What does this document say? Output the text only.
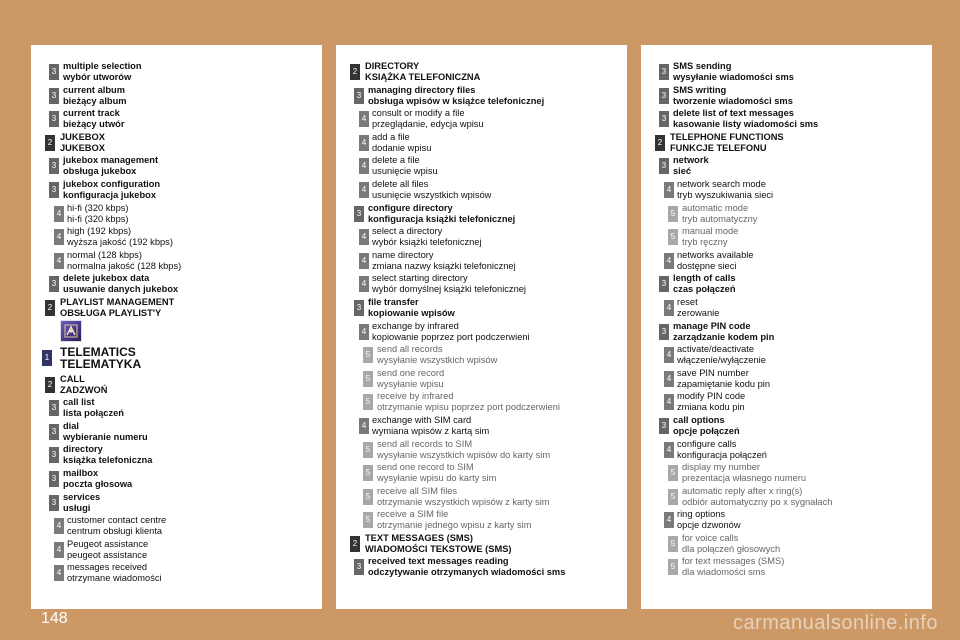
3
multiple selection
wybór utworów
3
current album
bieżący album
3
current track
bieżący utwór
2
JUKEBOX
JUKEBOX
3
jukebox management
obsługa jukebox
3
jukebox configuration
konfiguracja jukebox
4
hi-fi (320 kbps)
hi-fi (320 kbps)
4
high (192 kbps)
wyższa jakość (192 kbps)
4
normal (128 kbps)
normalna jakość (128 kbps)
3
delete jukebox data
usuwanie danych jukebox
2
PLAYLIST MANAGEMENT
OBSŁUGA PLAYLIST'Y
1 TELEMATICS
TELEMATYKA
2
CALL
ZADZWOŃ
3
call list
lista połączeń
3
dial
wybieranie numeru
3
directory
książka telefoniczna
3
mailbox
poczta głosowa
3
services
usługi
4
customer contact centre
centrum obsługi klienta
4
Peugeot assistance
peugeot assistance
4
messages received
otrzymane wiadomości
2
DIRECTORY
KSIĄŻKA TELEFONICZNA
3
managing directory files
obsługa wpisów w książce telefonicznej
4
consult or modify a file
przeglądanie, edycja wpisu
4
add a file
dodanie wpisu
4
delete a file
usunięcie wpisu
4
delete all files
usunięcie wszystkich wpisów
3
configure directory
konfiguracja książki telefonicznej
4
select a directory
wybór książki telefonicznej
4
name directory
zmiana nazwy książki telefonicznej
4
select starting directory
wybór domyślnej książki telefonicznej
3
file transfer
kopiowanie wpisów
4
exchange by infrared
kopiowanie poprzez port podczerwieni
5
send all records
wysyłanie wszystkich wpisów
5
send one record
wysyłanie wpisu
5
receive by infrared
otrzymanie wpisu poprzez port podczerwieni
4
exchange with SIM card
wymiana wpisów z kartą sim
5
send all records to SIM
wysyłanie wszystkich wpisów do karty sim
5
send one record to SIM
wysyłanie wpisu do karty sim
5
receive all SIM files
otrzymanie wszystkich wpisów z karty sim
5
receive a SIM file
otrzymanie jednego wpisu z karty sim
2
TEXT MESSAGES (SMS)
WIADOMOŚCI TEKSTOWE (SMS)
3
received text messages reading
odczytywanie otrzymanych wiadomości sms
3
SMS sending
wysyłanie wiadomości sms
3
SMS writing
tworzenie wiadomości sms
3
delete list of text messages
kasowanie listy wiadomości sms
2
TELEPHONE FUNCTIONS
FUNKCJE TELEFONU
3
network
sieć
4
network search mode
tryb wyszukiwania sieci
5
automatic mode
tryb automatyczny
5
manual mode
tryb ręczny
4
networks available
dostępne sieci
3
length of calls
czas połączeń
4
reset
zerowanie
3
manage PIN code
zarządzanie kodem pin
4
activate/deactivate
włączenie/wyłączenie
4
save PIN number
zapamiętanie kodu pin
4
modify PIN code
zmiana kodu pin
3
call options
opcje połączeń
4
configure calls
konfiguracja połączeń
5
display my number
prezentacja własnego numeru
5
automatic reply after x ring(s)
odbiór automatyczny po x sygnałach
4
ring options
opcje dzwonów
5
for voice calls
dla połączeń głosowych
5
for text messages (SMS)
dla wiadomości sms
148	carmanualsonline.info
